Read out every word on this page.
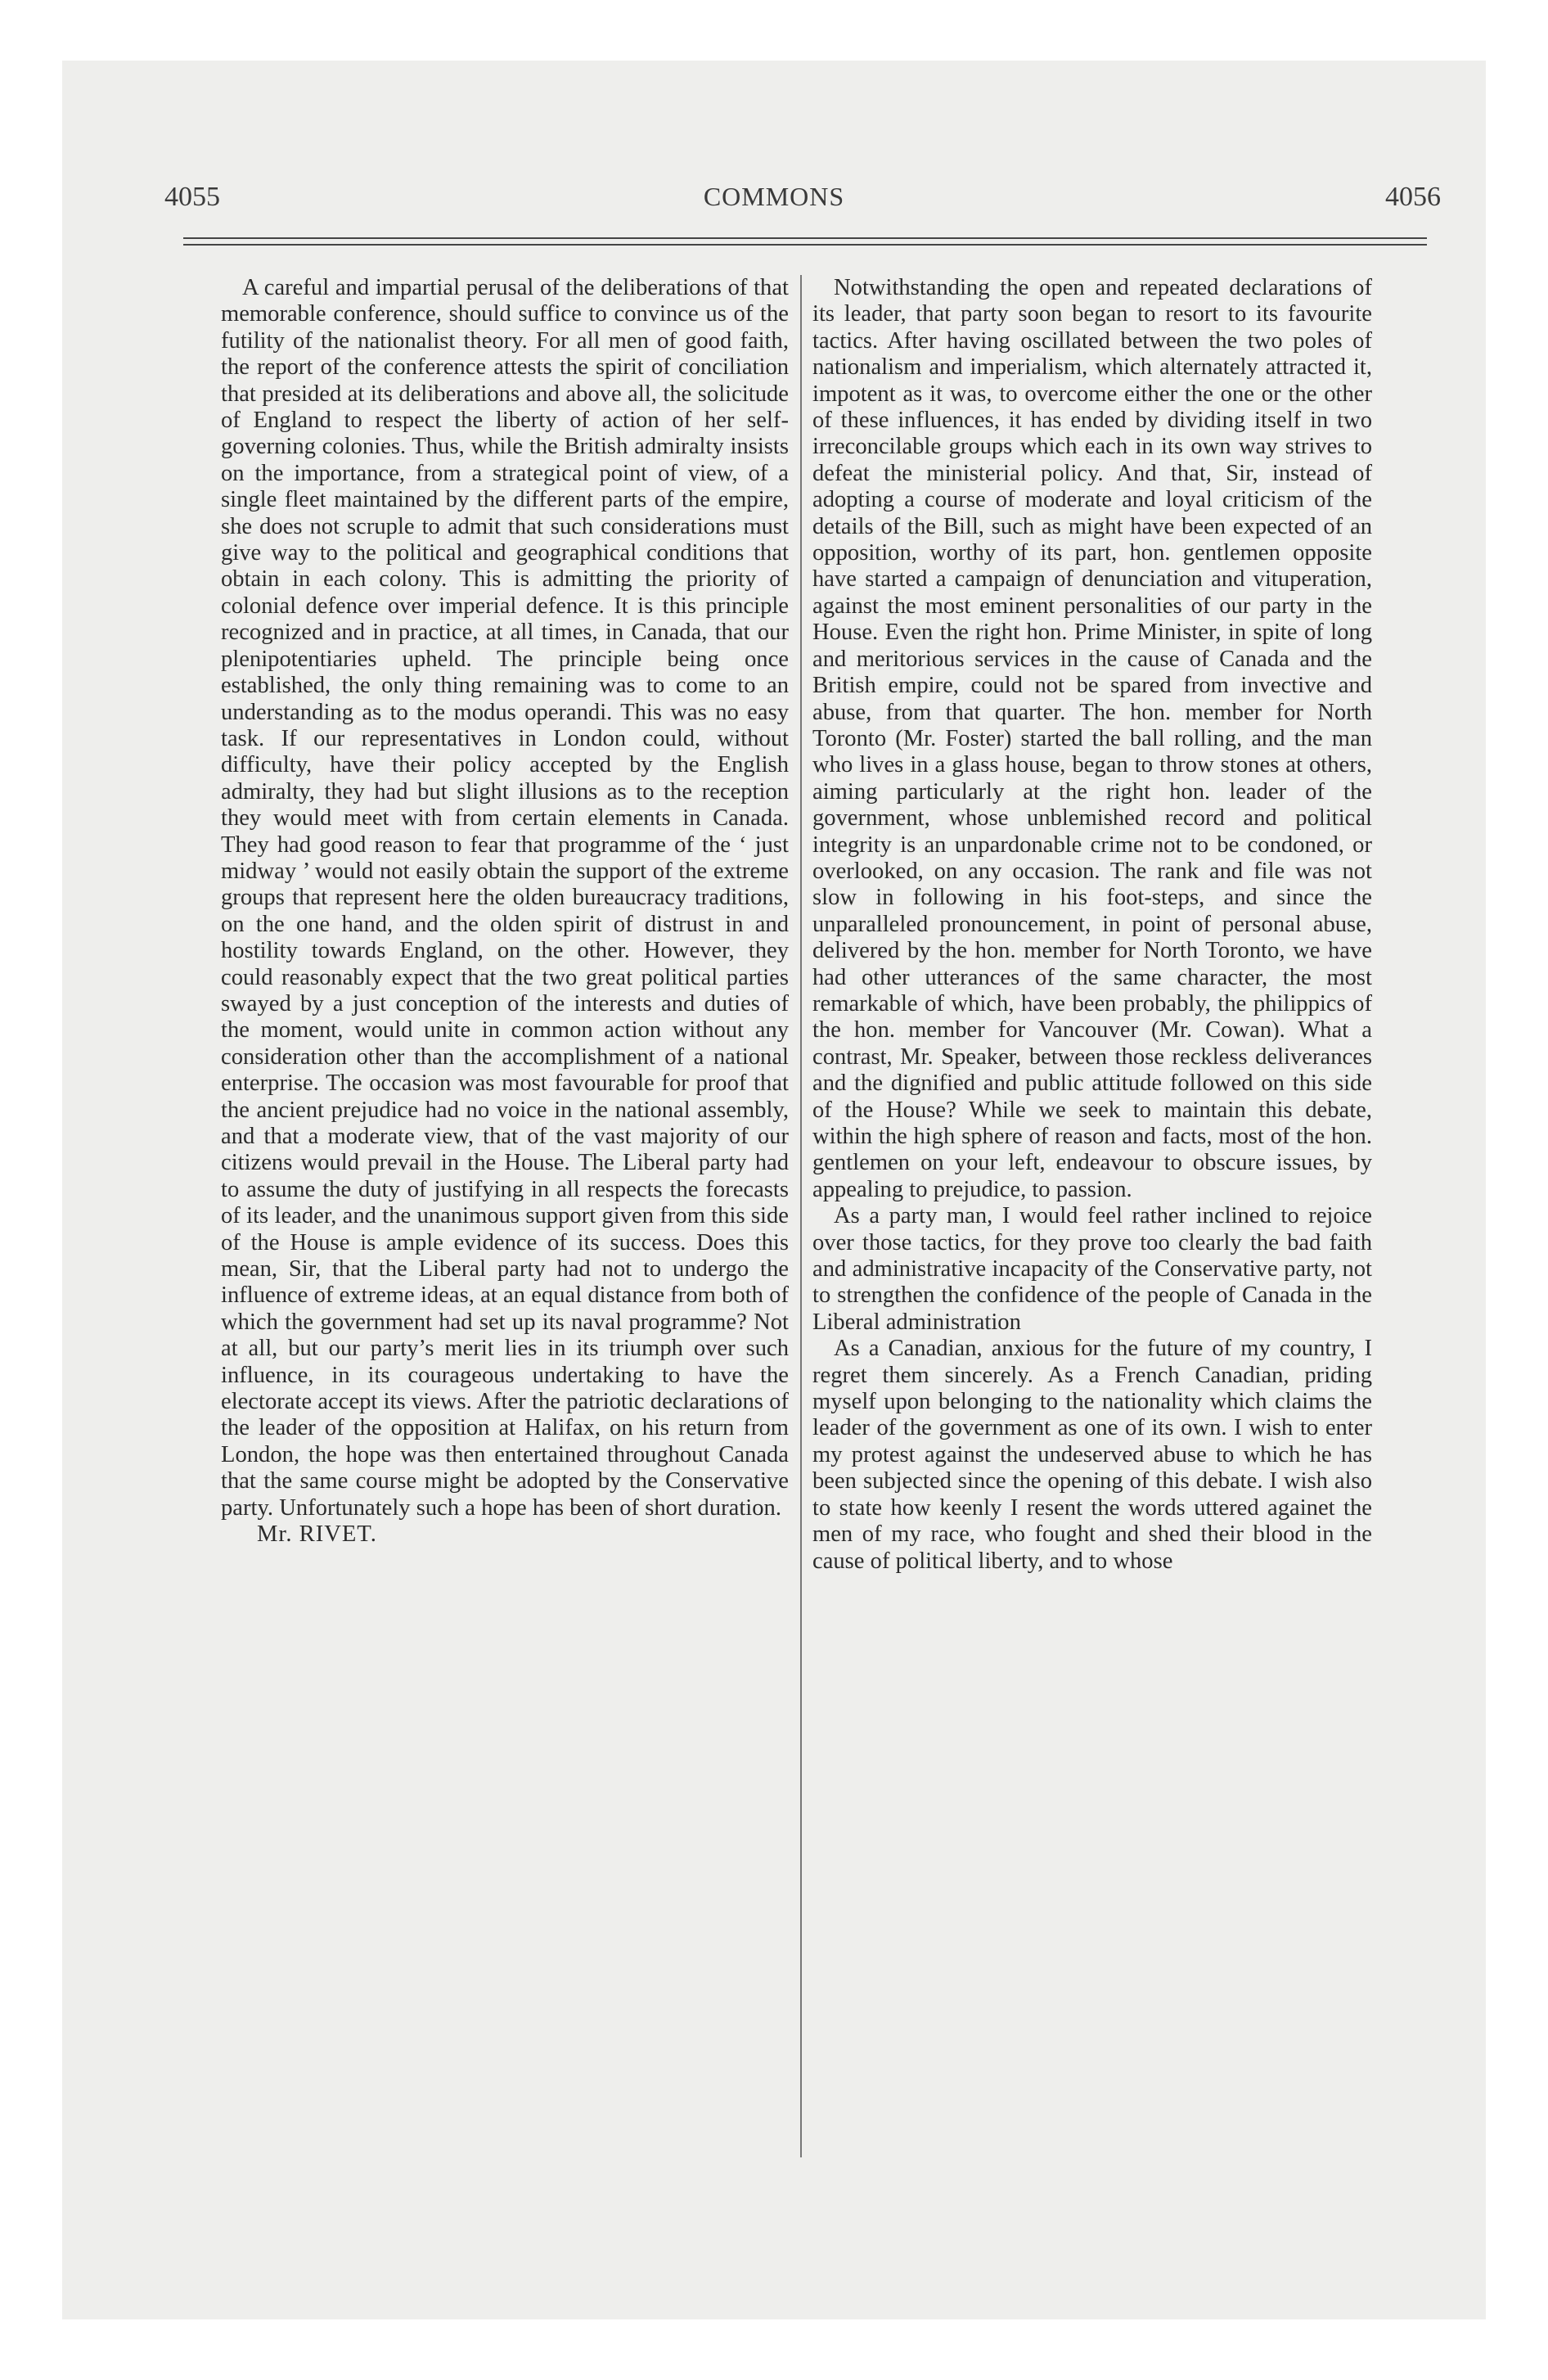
4055	COMMONS	4056

A careful and impartial perusal of the deliberations of that memorable conference, should suffice to convince us of the futility of the nationalist theory. For all men of good faith, the report of the conference attests the spirit of conciliation that presided at its deliberations and above all, the solicitude of England to respect the liberty of action of her self-governing colonies. Thus, while the British admiralty insists on the importance, from a strategical point of view, of a single fleet maintained by the different parts of the empire, she does not scruple to admit that such considerations must give way to the political and geographical conditions that obtain in each colony. This is admitting the priority of colonial defence over imperial defence. It is this principle recognized and in practice, at all times, in Canada, that our plenipotentiaries upheld. The principle being once established, the only thing remaining was to come to an understanding as to the modus operandi. This was no easy task. If our representatives in London could, without difficulty, have their policy accepted by the English admiralty, they had but slight illusions as to the reception they would meet with from certain elements in Canada. They had good reason to fear that programme of the ‘ just midway ’ would not easily obtain the support of the extreme groups that represent here the olden bureaucracy traditions, on the one hand, and the olden spirit of distrust in and hostility towards England, on the other. However, they could reasonably expect that the two great political parties swayed by a just conception of the interests and duties of the moment, would unite in common action without any consideration other than the accomplishment of a national enterprise. The occasion was most favourable for proof that the ancient prejudice had no voice in the national assembly, and that a moderate view, that of the vast majority of our citizens would prevail in the House. The Liberal party had to assume the duty of justifying in all respects the forecasts of its leader, and the unanimous support given from this side of the House is ample evidence of its success. Does this mean, Sir, that the Liberal party had not to undergo the influence of extreme ideas, at an equal distance from both of which the government had set up its naval programme? Not at all, but our party’s merit lies in its triumph over such influence, in its courageous undertaking to have the electorate accept its views. After the patriotic declarations of the leader of the opposition at Halifax, on his return from London, the hope was then entertained throughout Canada that the same course might be adopted by the Conservative party. Unfortunately such a hope has been of short duration.

Mr. RIVET.

Notwithstanding the open and repeated declarations of its leader, that party soon began to resort to its favourite tactics. After having oscillated between the two poles of nationalism and imperialism, which alternately attracted it, impotent as it was, to overcome either the one or the other of these influences, it has ended by dividing itself in two irreconcilable groups which each in its own way strives to defeat the ministerial policy. And that, Sir, instead of adopting a course of moderate and loyal criticism of the details of the Bill, such as might have been expected of an opposition, worthy of its part, hon. gentlemen opposite have started a campaign of denunciation and vituperation, against the most eminent personalities of our party in the House. Even the right hon. Prime Minister, in spite of long and meritorious services in the cause of Canada and the British empire, could not be spared from invective and abuse, from that quarter. The hon. member for North Toronto (Mr. Foster) started the ball rolling, and the man who lives in a glass house, began to throw stones at others, aiming particularly at the right hon. leader of the government, whose unblemished record and political integrity is an unpardonable crime not to be condoned, or overlooked, on any occasion. The rank and file was not slow in following in his foot-steps, and since the unparalleled pronouncement, in point of personal abuse, delivered by the hon. member for North Toronto, we have had other utterances of the same character, the most remarkable of which, have been probably, the philippics of the hon. member for Vancouver (Mr. Cowan). What a contrast, Mr. Speaker, between those reckless deliverances and the dignified and public attitude followed on this side of the House? While we seek to maintain this debate, within the high sphere of reason and facts, most of the hon. gentlemen on your left, endeavour to obscure issues, by appealing to prejudice, to passion.

As a party man, I would feel rather inclined to rejoice over those tactics, for they prove too clearly the bad faith and administrative incapacity of the Conservative party, not to strengthen the confidence of the people of Canada in the Liberal administration

As a Canadian, anxious for the future of my country, I regret them sincerely. As a French Canadian, priding myself upon belonging to the nationality which claims the leader of the government as one of its own. I wish to enter my protest against the undeserved abuse to which he has been subjected since the opening of this debate. I wish also to state how keenly I resent the words uttered againet the men of my race, who fought and shed their blood in the cause of political liberty, and to whose
